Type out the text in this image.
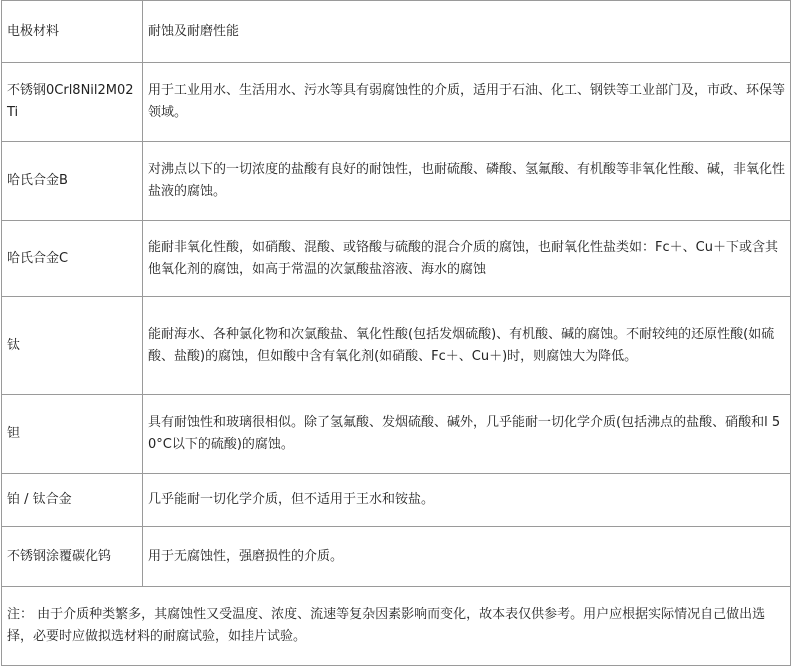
电极材料	耐蚀及耐磨性能
不锈钢0Crl8Nil2M02Ti	用于工业用水、生活用水、污水等具有弱腐蚀性的介质，适用于石油、化工、钢铁等工业部门及，市政、环保等领域。
哈氏合金B	对沸点以下的一切浓度的盐酸有良好的耐蚀性，也耐硫酸、磷酸、氢氟酸、有机酸等非氧化性酸、碱，非氧化性盐液的腐蚀。
哈氏合金C	能耐非氧化性酸，如硝酸、混酸、或铬酸与硫酸的混合介质的腐蚀，也耐氧化性盐类如：Fc＋、Cu＋下或含其他氧化剂的腐蚀，如高于常温的次氯酸盐溶液、海水的腐蚀
钛	能耐海水、各种氯化物和次氯酸盐、氧化性酸(包括发烟硫酸)、有机酸、碱的腐蚀。不耐较纯的还原性酸(如硫酸、盐酸)的腐蚀，但如酸中含有氧化剂(如硝酸、Fc＋、Cu＋)时，则腐蚀大为降低。
钽	具有耐蚀性和玻璃很相似。除了氢氟酸、发烟硫酸、碱外，几乎能耐一切化学介质(包括沸点的盐酸、硝酸和l 50°C以下的硫酸)的腐蚀。
铂 / 钛合金	几乎能耐一切化学介质，但不适用于王水和铵盐。
不锈钢涂覆碳化钨	用于无腐蚀性，强磨损性的介质。
注： 由于介质种类繁多，其腐蚀性又受温度、浓度、流速等复杂因素影响而变化，故本表仅供参考。用户应根据实际情况自己做出选择，必要时应做拟选材料的耐腐试验，如挂片试验。	
